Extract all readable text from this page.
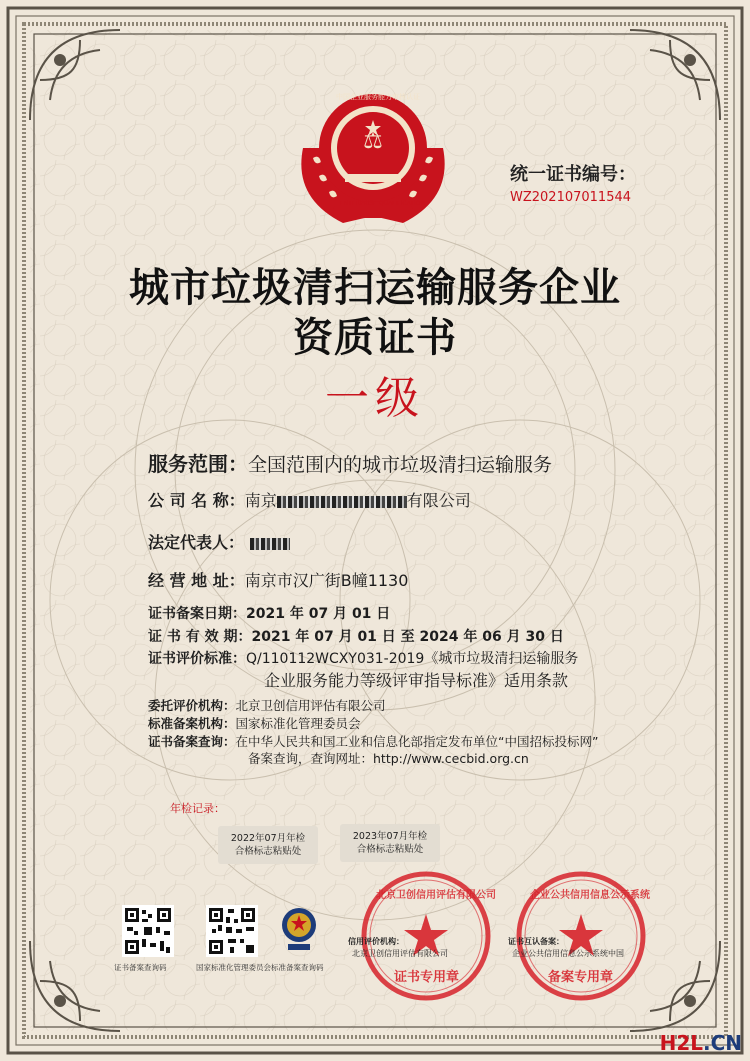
⚖
中国企业服务能力审核认证
ENTERPRISE QUALIFICATION
统一证书编号：
WZ202107011544
城市垃圾清扫运输服务企业
资质证书
一级
服务范围：全国范围内的城市垃圾清扫运输服务
公 司 名 称：南京	有限公司
法定代表人：
经 营 地 址：南京市汉广街B幢1130
证书备案日期：2021 年 07 月 01 日
证 书 有 效 期：2021 年 07 月 01 日 至 2024 年 06 月 30 日
证书评价标准：Q/110112WCXY031-2019《城市垃圾清扫运输服务
企业服务能力等级评审指导标准》适用条款
委托评价机构：北京卫创信用评估有限公司
标准备案机构：国家标准化管理委员会
证书备案查询：在中华人民共和国工业和信息化部指定发布单位“中国招标投标网”
备案查询，查询网址：http://www.cecbid.org.cn
年检记录：
2022年07月年检
合格标志粘贴处
2023年07月年检
合格标志粘贴处
证书备案查询码	国家标准化管理委员会标准备案查询码
北京卫创信用评估有限公司
证书专用章
信用评价机构：
北京卫创信用评估有限公司
企业公共信用信息公示系统
备案专用章
证书互认备案：
企业公共信用信息公示系统中国
H2L.CN
